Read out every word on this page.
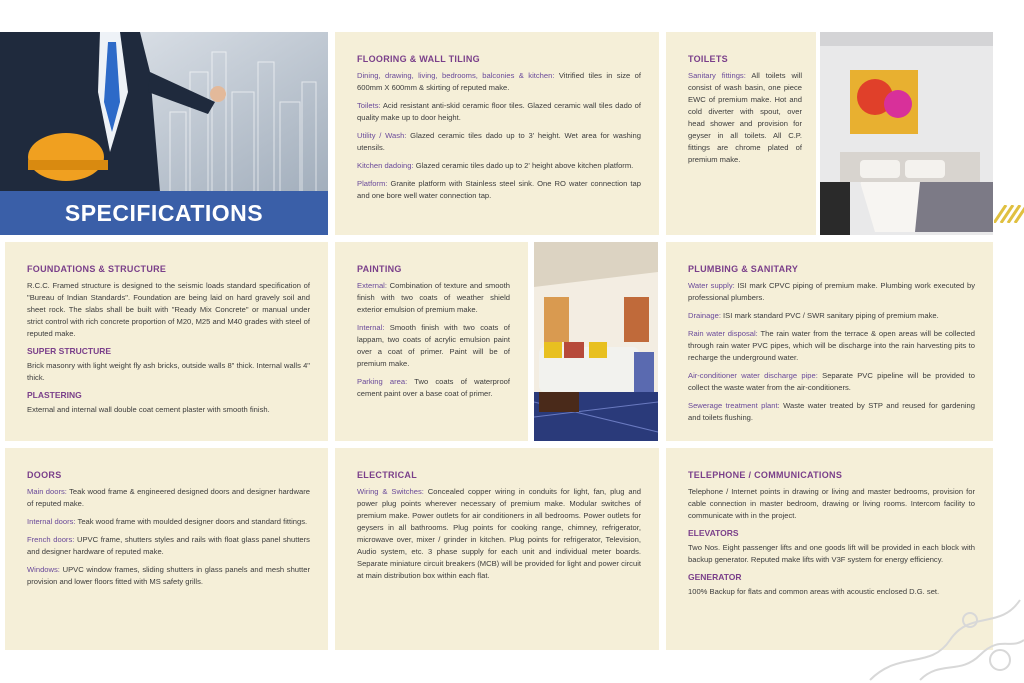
SPECIFICATIONS
FLOORING & WALL TILING

Dining, drawing, living, bedrooms, balconies & kitchen: Vitrified tiles in size of 600mm X 600mm & skirting of reputed make.

Toilets: Acid resistant anti-skid ceramic floor tiles. Glazed ceramic wall tiles dado of quality make up to door height.

Utility / Wash: Glazed ceramic tiles dado up to 3' height. Wet area for washing utensils.

Kitchen dadoing: Glazed ceramic tiles dado up to 2' height above kitchen platform.

Platform: Granite platform with Stainless steel sink. One RO water connection tap and one bore well water connection tap.

TOILETS

Sanitary fittings: All toilets will consist of wash basin, one piece EWC of premium make. Hot and cold diverter with spout, over head shower and provision for geyser in all toilets. All C.P. fittings are chrome plated of premium make.

FOUNDATIONS & STRUCTURE

R.C.C. Framed structure is designed to the seismic loads standard specification of "Bureau of Indian Standards". Foundation are being laid on hard gravely soil and sheet rock. The slabs shall be built with "Ready Mix Concrete" or manual under strict control with rich concrete proportion of M20, M25 and M40 grades with steel of reputed make.

SUPER STRUCTURE

Brick masonry with light weight fly ash bricks, outside walls 8" thick. Internal walls 4" thick.

PLASTERING

External and internal wall double coat cement plaster with smooth finish.

PAINTING

External: Combination of texture and smooth finish with two coats of weather shield exterior emulsion of premium make.

Internal: Smooth finish with two coats of lappam, two coats of acrylic emulsion paint over a coat of primer. Paint will be of premium make.

Parking area: Two coats of waterproof cement paint over a base coat of primer.

PLUMBING & SANITARY

Water supply: ISI mark CPVC piping of premium make. Plumbing work executed by professional plumbers.

Drainage: ISI mark standard PVC / SWR sanitary piping of premium make.

Rain water disposal: The rain water from the terrace & open areas will be collected through rain water PVC pipes, which will be discharge into the rain harvesting pits to recharge the underground water.

Air-conditioner water discharge pipe: Separate PVC pipeline will be provided to collect the waste water from the air-conditioners.

Sewerage treatment plant: Waste water treated by STP and reused for gardening and toilets flushing.

DOORS

Main doors: Teak wood frame & engineered designed doors and designer hardware of reputed make.

Internal doors: Teak wood frame with moulded designer doors and standard fittings.

French doors: UPVC frame, shutters styles and rails with float glass panel shutters and designer hardware of reputed make.

Windows: UPVC window frames, sliding shutters in glass panels and mesh shutter provision and lower floors fitted with MS safety grills.

ELECTRICAL

Wiring & Switches: Concealed copper wiring in conduits for light, fan, plug and power plug points wherever necessary of premium make. Modular switches of premium make. Power outlets for air conditioners in all bedrooms. Power outlets for geysers in all bathrooms. Plug points for cooking range, chimney, refrigerator, microwave over, mixer / grinder in kitchen. Plug points for refrigerator, Television, Audio system, etc. 3 phase supply for each unit and individual meter boards. Separate miniature circuit breakers (MCB) will be provided for light and power circuit at main distribution box within each flat.

TELEPHONE / COMMUNICATIONS

Telephone / Internet points in drawing or living and master bedrooms, provision for cable connection in master bedroom, drawing or living rooms. Intercom facility to communicate with in the project.

ELEVATORS

Two Nos. Eight passenger lifts and one goods lift will be provided in each block with backup generator. Reputed make lifts with V3F system for energy efficiency.

GENERATOR

100% Backup for flats and common areas with acoustic enclosed D.G. set.
